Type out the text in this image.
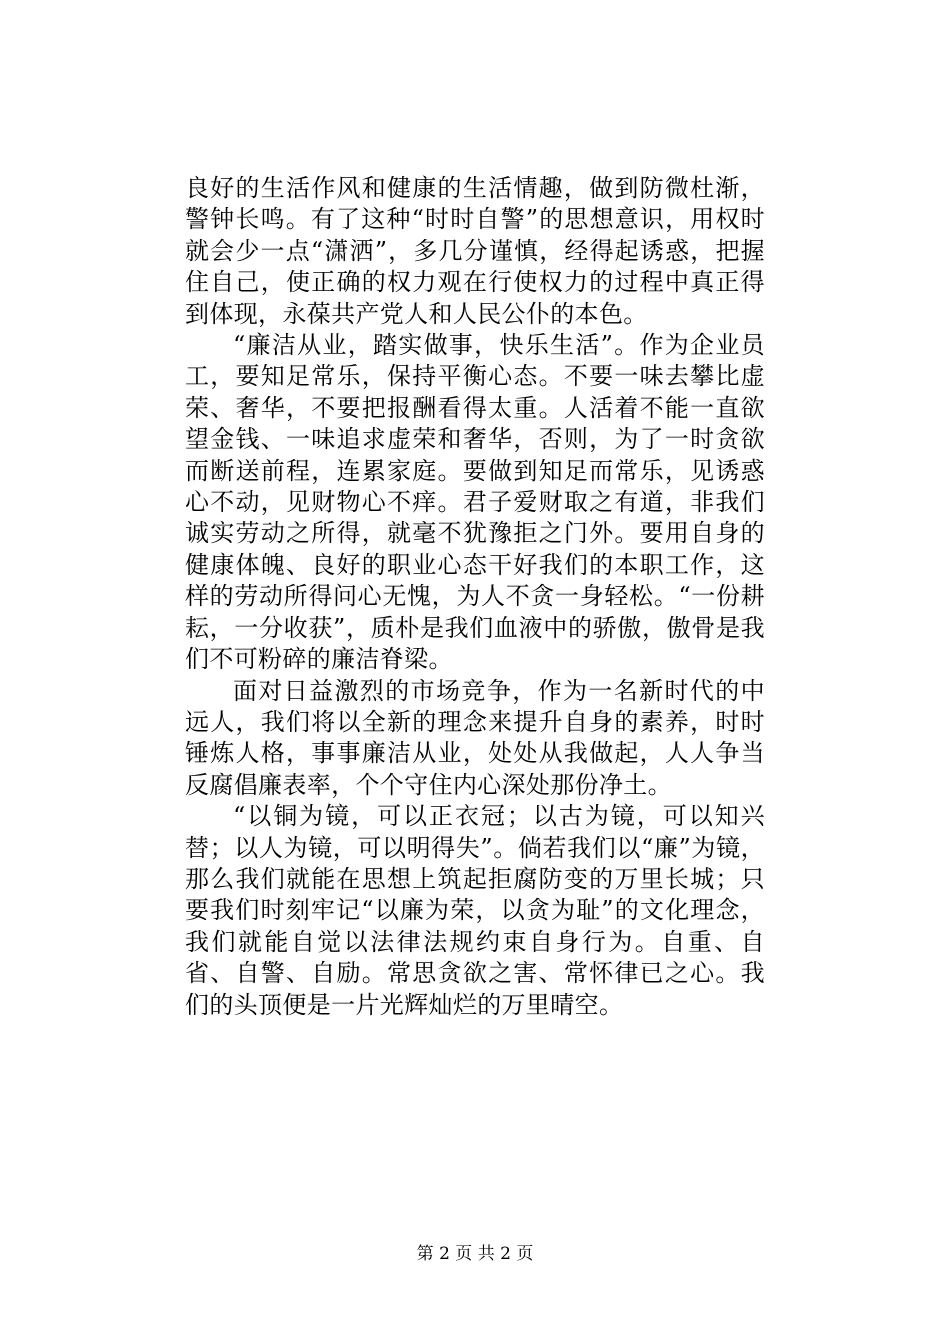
良好的生活作风和健康的生活情趣，做到防微杜渐，警钟长鸣。有了这种“时时自警”的思想意识，用权时就会少一点“潇洒”，多几分谨慎，经得起诱惑，把握住自己，使正确的权力观在行使权力的过程中真正得到体现，永葆共产党人和人民公仆的本色。

“廉洁从业，踏实做事，快乐生活”。作为企业员工，要知足常乐，保持平衡心态。不要一味去攀比虚荣、奢华，不要把报酬看得太重。人活着不能一直欲望金钱、一味追求虚荣和奢华，否则，为了一时贪欲而断送前程，连累家庭。要做到知足而常乐，见诱惑心不动，见财物心不痒。君子爱财取之有道，非我们诚实劳动之所得，就毫不犹豫拒之门外。要用自身的健康体魄、良好的职业心态干好我们的本职工作，这样的劳动所得问心无愧，为人不贪一身轻松。“一份耕耘，一分收获”，质朴是我们血液中的骄傲，傲骨是我们不可粉碎的廉洁脊梁。

面对日益激烈的市场竞争，作为一名新时代的中远人，我们将以全新的理念来提升自身的素养，时时锤炼人格，事事廉洁从业，处处从我做起，人人争当反腐倡廉表率，个个守住内心深处那份净土。

“以铜为镜，可以正衣冠；以古为镜，可以知兴替；以人为镜，可以明得失”。倘若我们以“廉”为镜，那么我们就能在思想上筑起拒腐防变的万里长城；只要我们时刻牢记“以廉为荣，以贪为耻”的文化理念，我们就能自觉以法律法规约束自身行为。自重、自省、自警、自励。常思贪欲之害、常怀律已之心。我们的头顶便是一片光辉灿烂的万里晴空。

第 2 页 共 2 页
